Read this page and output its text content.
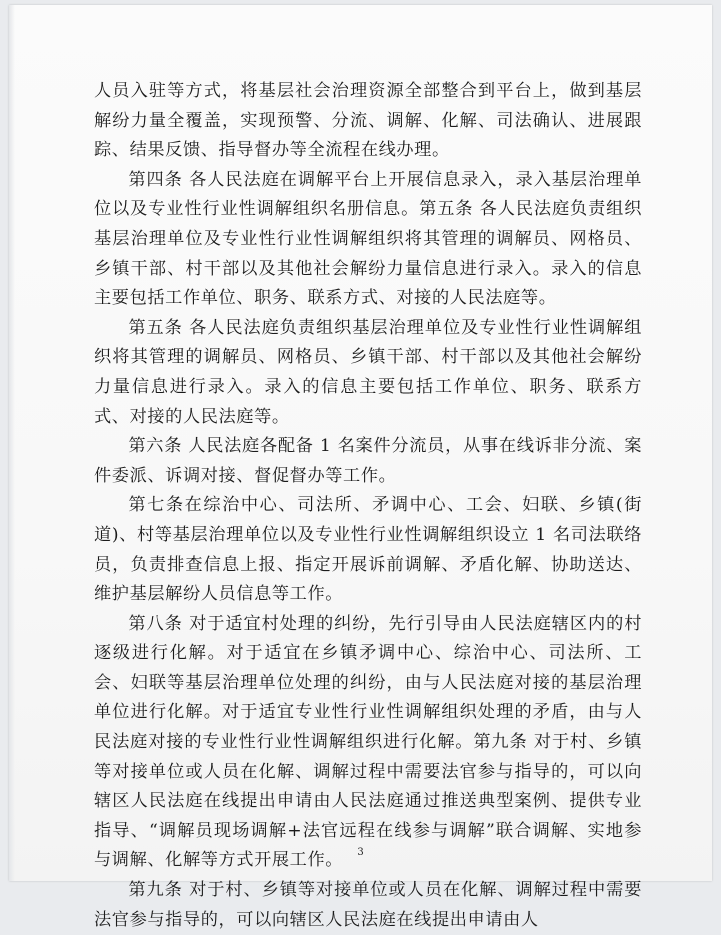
人员入驻等方式，将基层社会治理资源全部整合到平台上，做到基层解纷力量全覆盖，实现预警、分流、调解、化解、司法确认、进展跟踪、结果反馈、指导督办等全流程在线办理。

第四条 各人民法庭在调解平台上开展信息录入，录入基层治理单位以及专业性行业性调解组织名册信息。第五条 各人民法庭负责组织基层治理单位及专业性行业性调解组织将其管理的调解员、网格员、乡镇干部、村干部以及其他社会解纷力量信息进行录入。录入的信息主要包括工作单位、职务、联系方式、对接的人民法庭等。

第五条 各人民法庭负责组织基层治理单位及专业性行业性调解组织将其管理的调解员、网格员、乡镇干部、村干部以及其他社会解纷力量信息进行录入。录入的信息主要包括工作单位、职务、联系方式、对接的人民法庭等。

第六条 人民法庭各配备 1 名案件分流员，从事在线诉非分流、案件委派、诉调对接、督促督办等工作。

第七条在综治中心、司法所、矛调中心、工会、妇联、乡镇(街道)、村等基层治理单位以及专业性行业性调解组织设立 1 名司法联络员，负责排查信息上报、指定开展诉前调解、矛盾化解、协助送达、维护基层解纷人员信息等工作。

第八条 对于适宜村处理的纠纷，先行引导由人民法庭辖区内的村逐级进行化解。对于适宜在乡镇矛调中心、综治中心、司法所、工会、妇联等基层治理单位处理的纠纷，由与人民法庭对接的基层治理单位进行化解。对于适宜专业性行业性调解组织处理的矛盾，由与人民法庭对接的专业性行业性调解组织进行化解。第九条 对于村、乡镇等对接单位或人员在化解、调解过程中需要法官参与指导的，可以向辖区人民法庭在线提出申请由人民法庭通过推送典型案例、提供专业指导、“调解员现场调解+法官远程在线参与调解”联合调解、实地参与调解、化解等方式开展工作。

第九条 对于村、乡镇等对接单位或人员在化解、调解过程中需要法官参与指导的，可以向辖区人民法庭在线提出申请由人

3
